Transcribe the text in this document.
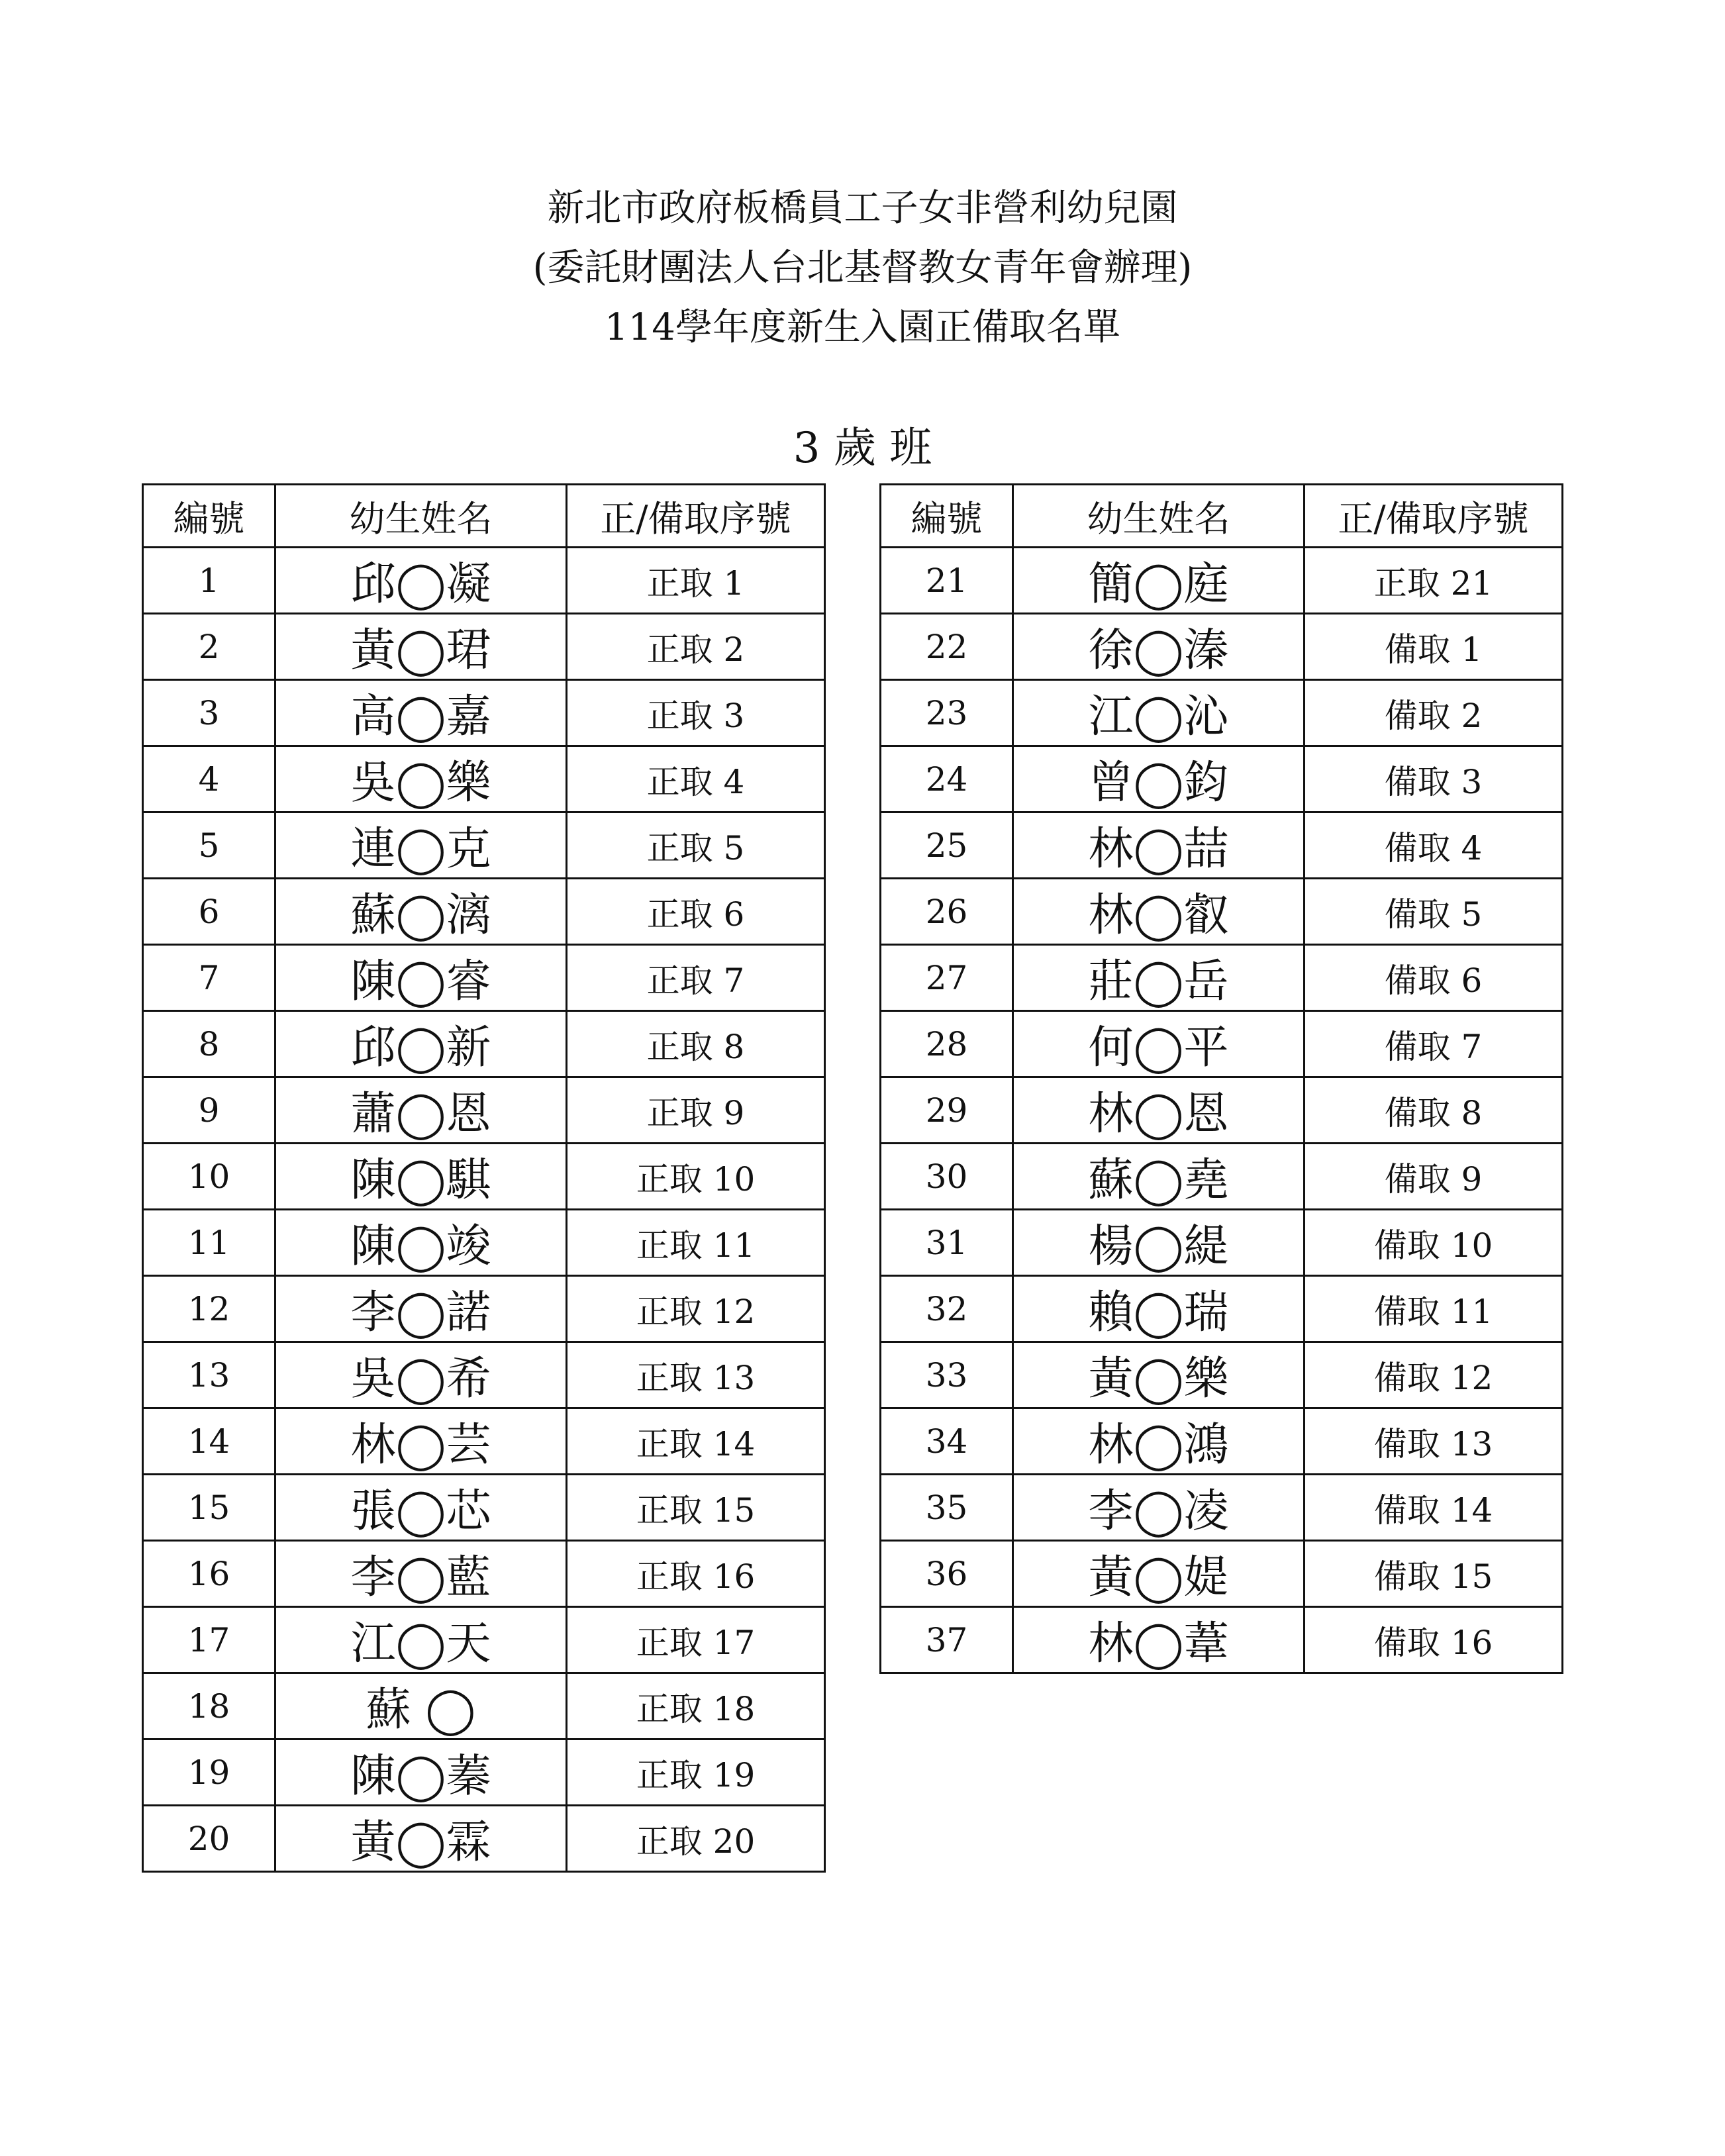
新北市政府板橋員工子女非營利幼兒園
(委託財團法人台北基督教女青年會辦理)
114學年度新生入園正備取名單
3 歲 班
編號	幼生姓名	正/備取序號
1	邱◯凝	正取 1
2	黃◯珺	正取 2
3	高◯嘉	正取 3
4	吳◯樂	正取 4
5	連◯克	正取 5
6	蘇◯漓	正取 6
7	陳◯睿	正取 7
8	邱◯新	正取 8
9	蕭◯恩	正取 9
10	陳◯騏	正取 10
11	陳◯竣	正取 11
12	李◯諾	正取 12
13	吳◯希	正取 13
14	林◯芸	正取 14
15	張◯芯	正取 15
16	李◯藍	正取 16
17	江◯天	正取 17
18	蘇 ◯	正取 18
19	陳◯蓁	正取 19
20	黃◯霖	正取 20
編號	幼生姓名	正/備取序號
21	簡◯庭	正取 21
22	徐◯溱	備取 1
23	江◯沁	備取 2
24	曾◯鈞	備取 3
25	林◯喆	備取 4
26	林◯叡	備取 5
27	莊◯岳	備取 6
28	何◯平	備取 7
29	林◯恩	備取 8
30	蘇◯堯	備取 9
31	楊◯緹	備取 10
32	賴◯瑞	備取 11
33	黃◯樂	備取 12
34	林◯鴻	備取 13
35	李◯凌	備取 14
36	黃◯媞	備取 15
37	林◯葦	備取 16
